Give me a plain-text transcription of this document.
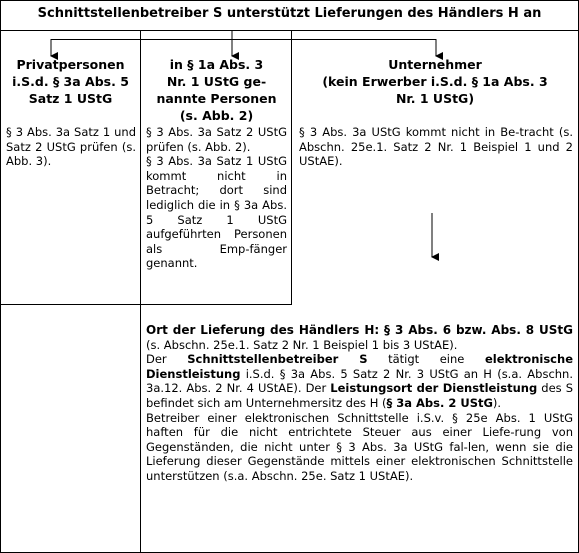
Schnittstellenbetreiber S unterstützt Lieferungen des Händlers H an
Privatpersonen
i.S.d. § 3a Abs. 5
Satz 1 UStG
§ 3 Abs. 3a Satz 1 und Satz 2 UStG prüfen (s. Abb. 3).
in § 1a Abs. 3
Nr. 1 UStG ge-
nannte Personen
(s. Abb. 2)
§ 3 Abs. 3a Satz 2 UStG prüfen (s. Abb. 2).
§ 3 Abs. 3a Satz 1 UStG kommt nicht in Betracht; dort sind lediglich die in § 3a Abs. 5 Satz 1 UStG aufgeführten Personen als Emp-fänger genannt.
Unternehmer
(kein Erwerber i.S.d. § 1a Abs. 3
Nr. 1 UStG)
§ 3 Abs. 3a UStG kommt nicht in Be-tracht (s. Abschn. 25e.1. Satz 2 Nr. 1 Beispiel 1 und 2 UStAE).
Ort der Lieferung des Händlers H: § 3 Abs. 6 bzw. Abs. 8 UStG (s. Abschn. 25e.1. Satz 2 Nr. 1 Beispiel 1 bis 3 UStAE).
Der Schnittstellenbetreiber S tätigt eine elektronische Dienstleistung i.S.d. § 3a Abs. 5 Satz 2 Nr. 3 UStG an H (s.a. Abschn. 3a.12. Abs. 2 Nr. 4 UStAE). Der Leistungsort der Dienstleistung des S befindet sich am Unternehmersitz des H (§ 3a Abs. 2 UStG).
Betreiber einer elektronischen Schnittstelle i.S.v. § 25e Abs. 1 UStG haften für die nicht entrichtete Steuer aus einer Liefe-rung von Gegenständen, die nicht unter § 3 Abs. 3a UStG fal-len, wenn sie die Lieferung dieser Gegenstände mittels einer elektronischen Schnittstelle unterstützen (s.a. Abschn. 25e. Satz 1 UStAE).
